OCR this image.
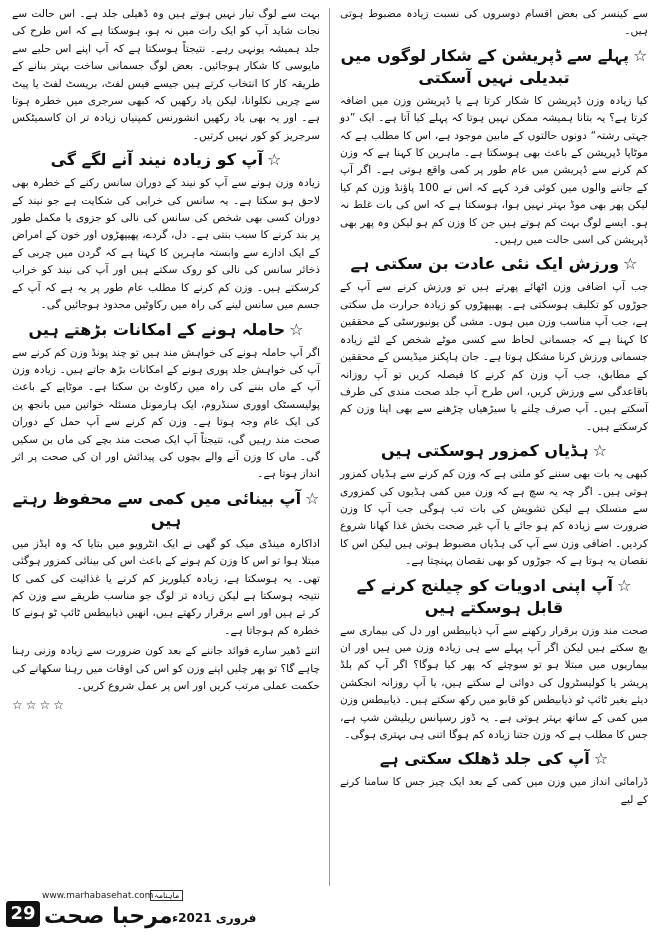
سے کینسر کی بعض اقسام دوسروں کی نسبت زیادہ مضبوط ہوتی ہیں۔

☆پہلے سے ڈپریشن کے شکار لوگوں میں تبدیلی نہیں آسکتی

کیا زیادہ وزن ڈپریشن کا شکار کرتا ہے یا ڈپریشن وزن میں اضافہ کرتا ہے؟ یہ بتانا ہمیشہ ممکن نہیں ہوتا کہ پہلے کیا آتا ہے۔ ایک ”دو جہتی رشتہ“ دونوں حالتوں کے مابین موجود ہے، اس کا مطلب ہے کہ موٹاپا ڈپریشن کے باعث بھی ہوسکتا ہے۔ ماہرین کا کہنا ہے کہ وزن کم کرنے سے ڈپریشن میں عام طور پر کمی واقع ہوتی ہے۔ اگر آپ کے جاننے والوں میں کوئی فرد کہے کہ اس نے 100 پاؤنڈ وزن کم کیا لیکن پھر بھی موڈ بہتر نہیں ہوا، ہوسکتا ہے کہ اس کی بات غلط نہ ہو۔ ایسے لوگ بہت کم ہوتے ہیں جن کا وزن کم ہو لیکن وہ پھر بھی ڈپریشن کی اسی حالت میں رہیں۔

☆ورزش ایک نئی عادت بن سکتی ہے

جب آپ اضافی وزن اٹھائے پھرتے ہیں تو ورزش کرنے سے آپ کے جوڑوں کو تکلیف ہوسکتی ہے۔ پھیپھڑوں کو زیادہ حرارت مل سکتی ہے، جب آپ مناسب وزن میں ہوں۔ مشی گن یونیورسٹی کے محققین کا کہنا ہے کہ جسمانی لحاظ سے کسی موٹے شخص کے لئے زیادہ جسمانی ورزش کرنا مشکل ہوتا ہے۔ جان ہاپکنز میڈیسن کے محققین کے مطابق، جب آپ وزن کم کرنے کا فیصلہ کریں تو آپ روزانہ باقاعدگی سے ورزش کریں، اس طرح آپ جلد صحت مندی کی طرف آسکتے ہیں۔ آپ صرف چلنے یا سیڑھیاں چڑھنے سے بھی اپنا وزن کم کرسکتے ہیں۔

☆ہڈیاں کمزور ہوسکتی ہیں

کبھی یہ بات بھی سننے کو ملتی ہے کہ وزن کم کرنے سے ہڈیاں کمزور ہوتی ہیں۔ اگر چہ یہ سچ ہے کہ وزن میں کمی ہڈیوں کی کمزوری سے منسلک ہے لیکن تشویش کی بات تب ہوگی جب آپ کا وزن ضرورت سے زیادہ کم ہو جائے یا آپ غیر صحت بخش غذا کھانا شروع کردیں۔ اضافی وزن سے آپ کی ہڈیاں مضبوط ہوتی ہیں لیکن اس کا نقصان یہ ہوتا ہے کہ جوڑوں کو بھی نقصان پہنچتا ہے۔

☆آپ اپنی ادویات کو چیلنج کرنے کے قابل ہوسکتے ہیں

صحت مند وزن برقرار رکھنے سے آپ ذیابیطس اور دل کی بیماری سے بچ سکتے ہیں لیکن اگر آپ پہلے سے ہی زیادہ وزن میں ہیں اور ان بیماریوں میں مبتلا ہو تو سوچئے کہ پھر کیا ہوگا؟ اگر آپ کم بلڈ پریشر یا کولیسٹرول کی دوائی لے سکتے ہیں، یا آپ روزانہ انجکشن دیئے بغیر ٹائپ ٹو ذیابیطس کو قابو میں رکھ سکتے ہیں۔ ذیابیطس وزن میں کمی کے ساتھ بہتر ہوتی ہے۔ یہ ڈوز رسپانس ریلیشن شپ ہے، جس کا مطلب ہے کہ وزن جتنا زیادہ کم ہوگا اتنی ہی بہتری ہوگی۔

☆آپ کی جلد ڈھلک سکتی ہے

ڈرامائی انداز میں وزن میں کمی کے بعد ایک چیز جس کا سامنا کرنے کے لیے

بہت سے لوگ تیار نہیں ہوتے ہیں وہ ڈھیلی جلد ہے۔ اس حالت سے نجات شاید آپ کو ایک رات میں نہ ہو، ہوسکتا ہے کہ اس طرح کی جلد ہمیشہ یونہی رہے۔ نتیجتاً ہوسکتا ہے کہ آپ اپنے اس حلیے سے مایوسی کا شکار ہوجائیں۔ بعض لوگ جسمانی ساخت بہتر بنانے کے طریقہ کار کا انتخاب کرتے ہیں جیسے فیس لفٹ، بریسٹ لفٹ یا پیٹ سے چربی نکلوانا، لیکن یاد رکھیں کہ کبھی سرجری میں خطرہ ہوتا ہے۔ اور یہ بھی یاد رکھیں انشورنس کمپنیاں زیادہ تر ان کاسمیٹکس سرجریز کو کور نہیں کرتیں۔

☆آپ کو زیادہ نیند آنے لگے گی

زیادہ وزن ہونے سے آپ کو نیند کے دوران سانس رکنے کے خطرہ بھی لاحق ہو سکتا ہے۔ یہ سانس کی خرابی کی شکایت ہے جو نیند کے دوران کسی بھی شخص کی سانس کی نالی کو جزوی یا مکمل طور پر بند کرنے کا سبب بنتی ہے۔ دل، گردے، پھیپھڑوں اور خون کے امراض کے ایک ادارے سے وابستہ ماہرین کا کہنا ہے کہ گردن میں چربی کے ذخائر سانس کی نالی کو روک سکتے ہیں اور آپ کی نیند کو خراب کرسکتے ہیں۔ وزن کم کرنے کا مطلب عام طور پر یہ ہے کہ آپ کے جسم میں سانس لینے کی راہ میں رکاوٹیں محدود ہوجائیں گی۔

☆حاملہ ہونے کے امکانات بڑھتے ہیں

اگر آپ حاملہ ہونے کی خواہش مند ہیں تو چند پونڈ وزن کم کرنے سے آپ کی خواہش جلد پوری ہونے کے امکانات بڑھ جاتے ہیں۔ زیادہ وزن آپ کے ماں بننے کی راہ میں رکاوٹ بن سکتا ہے۔ موٹاپے کے باعث پولیسسٹک اووری سنڈروم، ایک ہارمونل مسئلہ خواتین میں بانجھ پن کی ایک عام وجہ ہوتا ہے۔ وزن کم کرنے سے آپ حمل کے دوران صحت مند رہیں گی، نتیجتاً آپ ایک صحت مند بچے کی ماں بن سکیں گی۔ ماں کا وزن آنے والے بچوں کی پیدائش اور ان کی صحت پر اثر انداز ہوتا ہے۔

☆آپ بینائی میں کمی سے محفوظ رہتے ہیں

اداکارہ مینڈی میک کو گھی نے ایک انٹرویو میں بتایا کہ وہ ایڈز میں مبتلا ہوا تو اس کا وزن کم ہونے کے باعث اس کی بینائی کمزور ہوگئی تھی۔ یہ ہوسکتا ہے، زیادہ کیلوریز کم کرنے یا غذائیت کی کمی کا نتیجہ ہوسکتا ہے لیکن زیادہ تر لوگ جو مناسب طریقے سے وزن کم کر تے ہیں اور اسے برقرار رکھتے ہیں، انھیں ذیابیطس ٹائپ ٹو ہونے کا خطرہ کم ہوجاتا ہے۔

اتنے ڈھیر سارے فوائد جاننے کے بعد کون ضرورت سے زیادہ وزنی رہنا چاہے گا؟ تو پھر چلیں اپنے وزن کو اس کی اوقات میں رہنا سکھانے کی حکمت عملی مرتب کریں اور اس پر عمل شروع کریں۔

☆☆☆☆
www.marhabasehat.com ماہنامہ
29 مرحبا صحت فروری 2021ء
